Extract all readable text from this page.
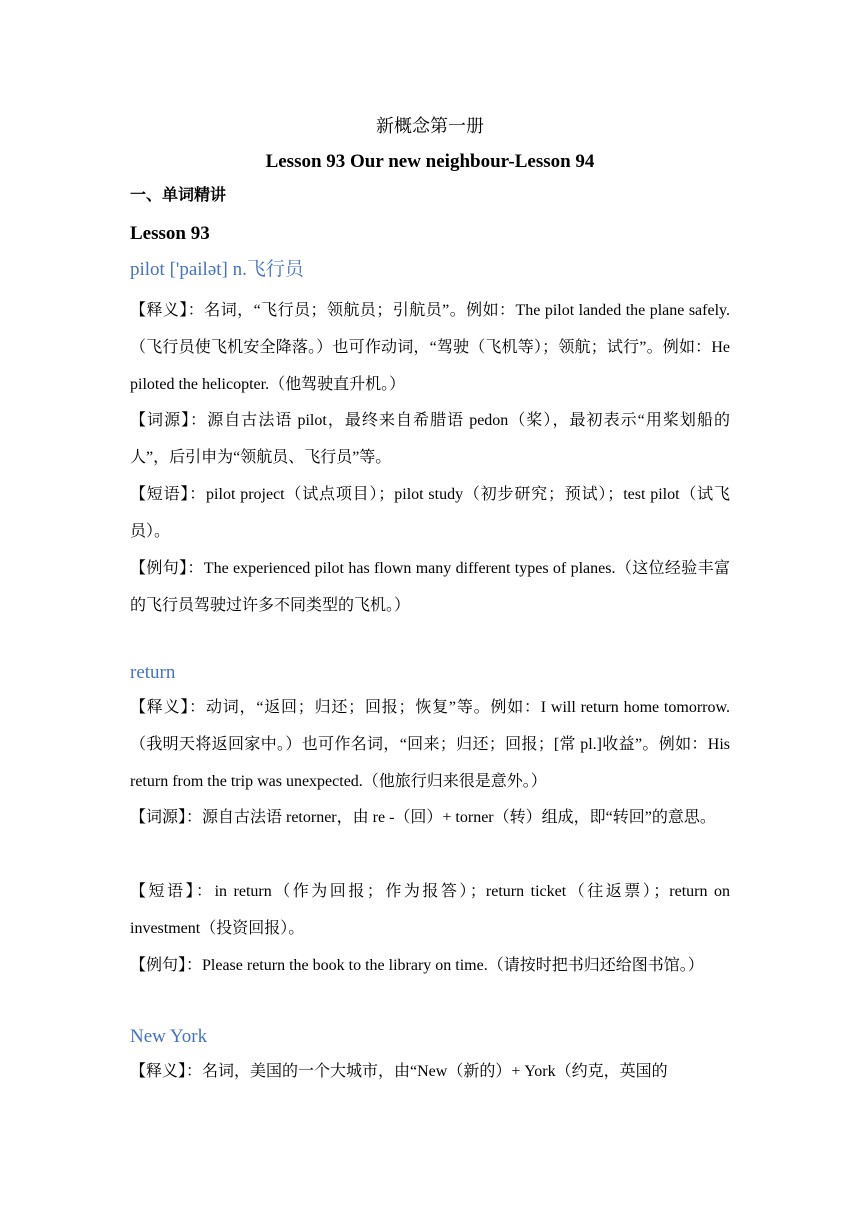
新概念第一册
Lesson 93 Our new neighbour-Lesson 94
一、单词精讲
Lesson 93
pilot ['pailət] n.飞行员
【释义】：名词，“飞行员；领航员；引航员”。例如：The pilot landed the plane safely.（飞行员使飞机安全降落。）也可作动词，“驾驶（飞机等）；领航；试行”。例如：He piloted the helicopter.（他驾驶直升机。）
【词源】：源自古法语 pilot，最终来自希腊语 pedon（桨），最初表示“用桨划船的人”，后引申为“领航员、飞行员”等。
【短语】：pilot project（试点项目）；pilot study（初步研究；预试）；test pilot（试飞员）。
【例句】：The experienced pilot has flown many different types of planes.（这位经验丰富的飞行员驾驶过许多不同类型的飞机。）
return
【释义】：动词，“返回；归还；回报；恢复”等。例如：I will return home tomorrow.（我明天将返回家中。）也可作名词，“回来；归还；回报；[常 pl.]收益”。例如：His return from the trip was unexpected.（他旅行归来很是意外。）
【词源】：源自古法语 retorner，由 re -（回）+ torner（转）组成，即“转回”的意思。
【短语】：in return（作为回报；作为报答）；return ticket（往返票）；return on investment（投资回报）。
【例句】：Please return the book to the library on time.（请按时把书归还给图书馆。）
New York
【释义】：名词，美国的一个大城市，由“New（新的）+ York（约克，英国的
